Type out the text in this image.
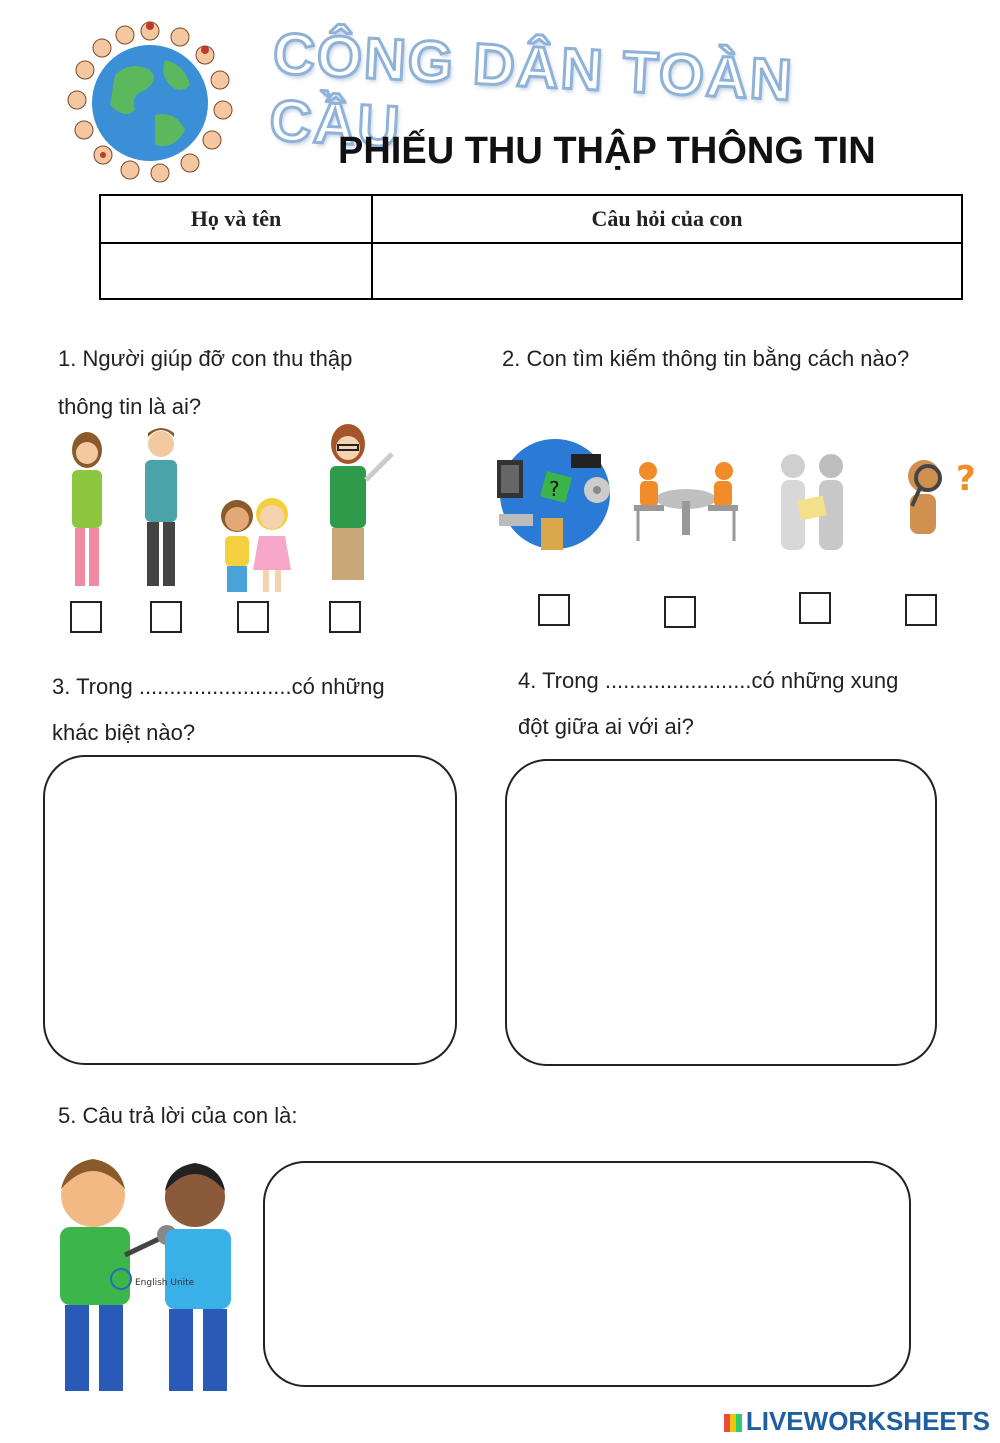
CÔNG DÂN TOÀN CẦU
PHIẾU THU THẬP THÔNG TIN
Họ và tên	Câu hỏi của con

1. Người giúp đỡ con thu thập
thông tin là ai?
2. Con tìm kiếm thông tin bằng cách nào?
?	?
3. Trong .........................có những
khác biệt nào?
4. Trong ........................có những xung
đột giữa ai với ai?
5. Câu trả lời của con là:
English Unite
LIVEWORKSHEETS
